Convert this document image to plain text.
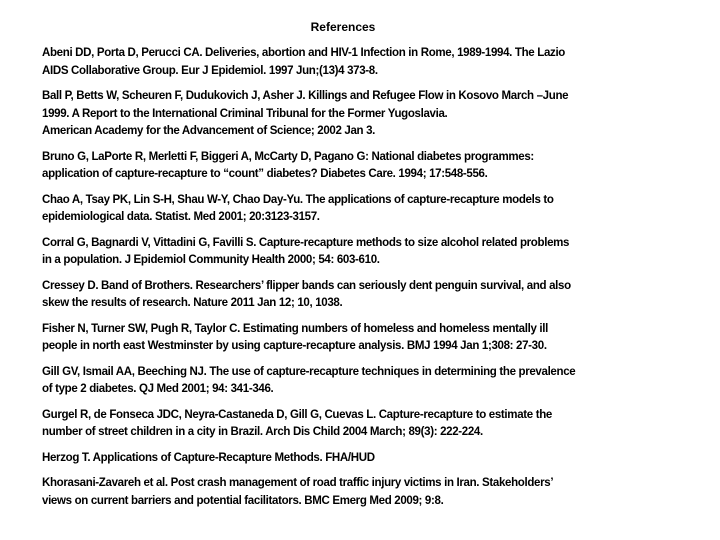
References
Abeni DD, Porta D, Perucci CA. Deliveries, abortion and HIV-1 Infection in Rome, 1989-1994. The Lazio
AIDS Collaborative Group. Eur J Epidemiol. 1997 Jun;(13)4 373-8.
Ball P, Betts W, Scheuren F, Dudukovich J, Asher J. Killings and Refugee Flow in Kosovo March –June
1999. A Report to the International Criminal Tribunal for the Former Yugoslavia.
American Academy for the Advancement of Science; 2002 Jan 3.
Bruno G, LaPorte R, Merletti F, Biggeri A, McCarty D, Pagano G: National diabetes programmes:
application of capture-recapture to “count” diabetes? Diabetes Care. 1994; 17:548-556.
Chao A, Tsay PK, Lin S-H, Shau W-Y, Chao Day-Yu. The applications of capture-recapture models to
epidemiological data. Statist. Med 2001; 20:3123-3157.
Corral G, Bagnardi V, Vittadini G, Favilli S. Capture-recapture methods to size alcohol related problems
in a population. J Epidemiol Community Health 2000; 54: 603-610.
Cressey D. Band of Brothers. Researchers’ flipper bands can seriously dent penguin survival, and also
skew the results of research. Nature 2011 Jan 12; 10, 1038.
Fisher N, Turner SW, Pugh R, Taylor C. Estimating numbers of homeless and homeless mentally ill
people in north east Westminster by using capture-recapture analysis. BMJ 1994 Jan 1;308: 27-30.
Gill GV, Ismail AA, Beeching NJ. The use of capture-recapture techniques in determining the prevalence
of type 2 diabetes. QJ Med 2001; 94: 341-346.
Gurgel R, de Fonseca JDC, Neyra-Castaneda D, Gill G, Cuevas L. Capture-recapture to estimate the
number of street children in a city in Brazil. Arch Dis Child 2004 March; 89(3): 222-224.
Herzog T. Applications of Capture-Recapture Methods. FHA/HUD
Khorasani-Zavareh et al. Post crash management of road traffic injury victims in Iran. Stakeholders’
views on current barriers and potential facilitators. BMC Emerg Med 2009; 9:8.
